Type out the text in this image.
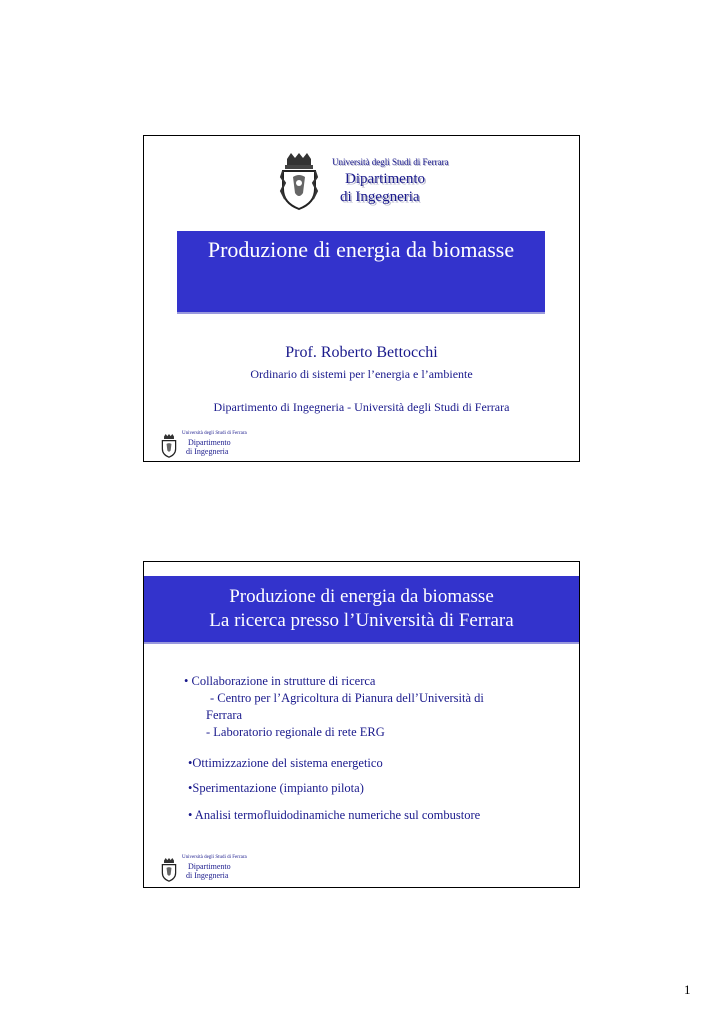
Università degli Studi di Ferrara
Dipartimento
di Ingegneria
Produzione di energia da biomasse
Prof. Roberto Bettocchi
Ordinario di sistemi per l’energia e l’ambiente
Dipartimento di Ingegneria - Università degli Studi di Ferrara
Università degli Studi di Ferrara
Dipartimento
di Ingegneria
Produzione di energia da biomasse
La ricerca presso l’Università di Ferrara
• Collaborazione in strutture di ricerca
- Centro per l’Agricoltura di Pianura dell’Università di
Ferrara
- Laboratorio regionale di rete ERG
•Ottimizzazione del sistema energetico
•Sperimentazione (impianto pilota)
• Analisi termofluidodinamiche numeriche sul combustore
Università degli Studi di Ferrara
Dipartimento
di Ingegneria
1
